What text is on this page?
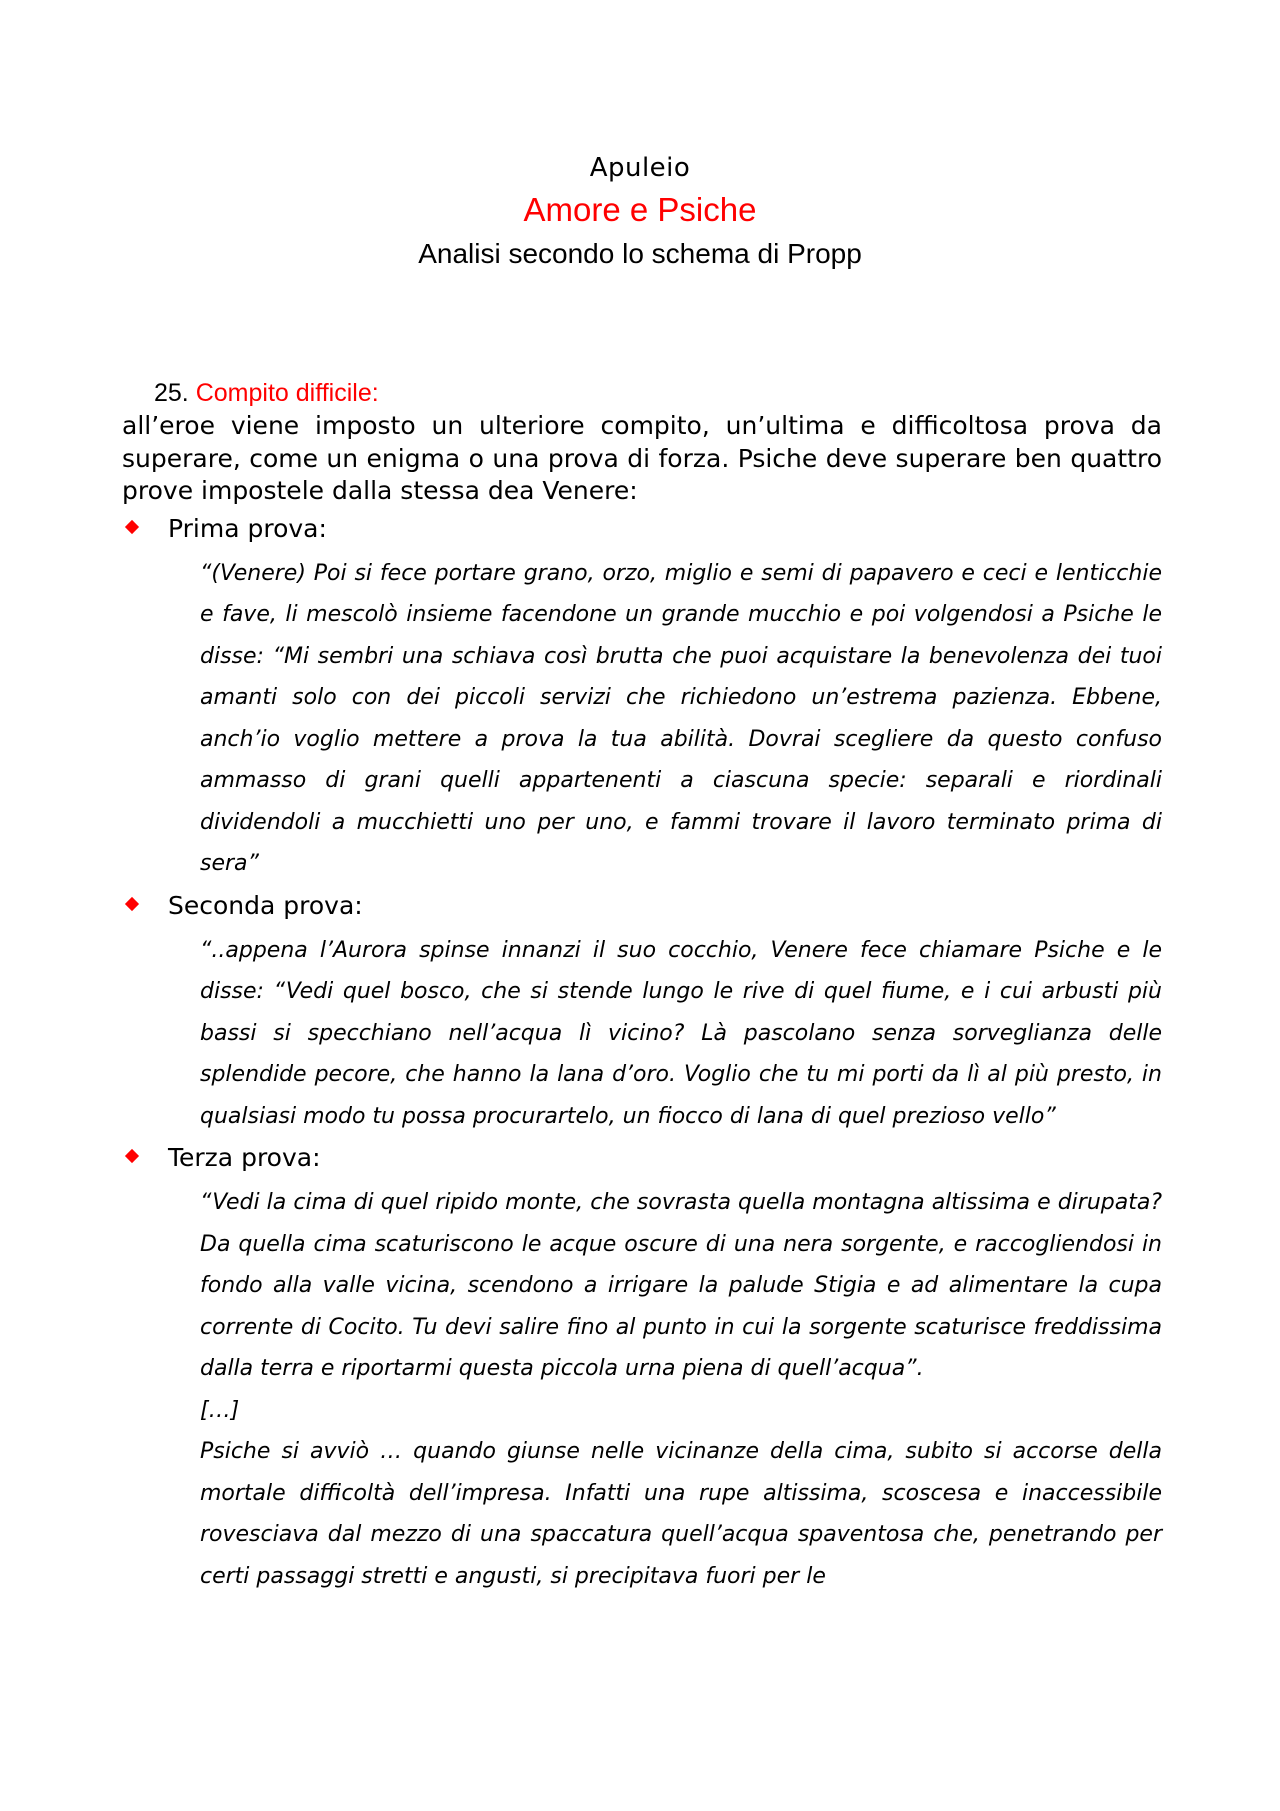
Apuleio
Amore e Psiche
Analisi secondo lo schema di Propp
25. Compito difficile:

all’eroe viene imposto un ulteriore compito, un’ultima e difficoltosa prova da superare, come un enigma o una prova di forza. Psiche deve superare ben quattro prove impostele dalla stessa dea Venere:

Prima prova:

“(Venere) Poi si fece portare grano, orzo, miglio e semi di papavero e ceci e lenticchie e fave, li mescolò insieme facendone un grande mucchio e poi volgendosi a Psiche le disse: “Mi sembri una schiava così brutta che puoi acquistare la benevolenza dei tuoi amanti solo con dei piccoli servizi che richiedono un’estrema pazienza. Ebbene, anch’io voglio mettere a prova la tua abilità. Dovrai scegliere da questo confuso ammasso di grani quelli appartenenti a ciascuna specie: separali e riordinali dividendoli a mucchietti uno per uno, e fammi trovare il lavoro terminato prima di sera”

Seconda prova:

“..appena l’Aurora spinse innanzi il suo cocchio, Venere fece chiamare Psiche e le disse: “Vedi quel bosco, che si stende lungo le rive di quel fiume, e i cui arbusti più bassi si specchiano nell’acqua lì vicino? Là pascolano senza sorveglianza delle splendide pecore, che hanno la lana d’oro. Voglio che tu mi porti da lì al più presto, in qualsiasi modo tu possa procurartelo, un fiocco di lana di quel prezioso vello”

Terza prova:

“Vedi la cima di quel ripido monte, che sovrasta quella montagna altissima e dirupata? Da quella cima scaturiscono le acque oscure di una nera sorgente, e raccogliendosi in fondo alla valle vicina, scendono a irrigare la palude Stigia e ad alimentare la cupa corrente di Cocito. Tu devi salire fino al punto in cui la sorgente scaturisce freddissima dalla terra e riportarmi questa piccola urna piena di quell’acqua”.

[…]

Psiche si avviò … quando giunse nelle vicinanze della cima, subito si accorse della mortale difficoltà dell’impresa. Infatti una rupe altissima, scoscesa e inaccessibile rovesciava dal mezzo di una spaccatura quell’acqua spaventosa che, penetrando per certi passaggi stretti e angusti, si precipitava fuori per le
